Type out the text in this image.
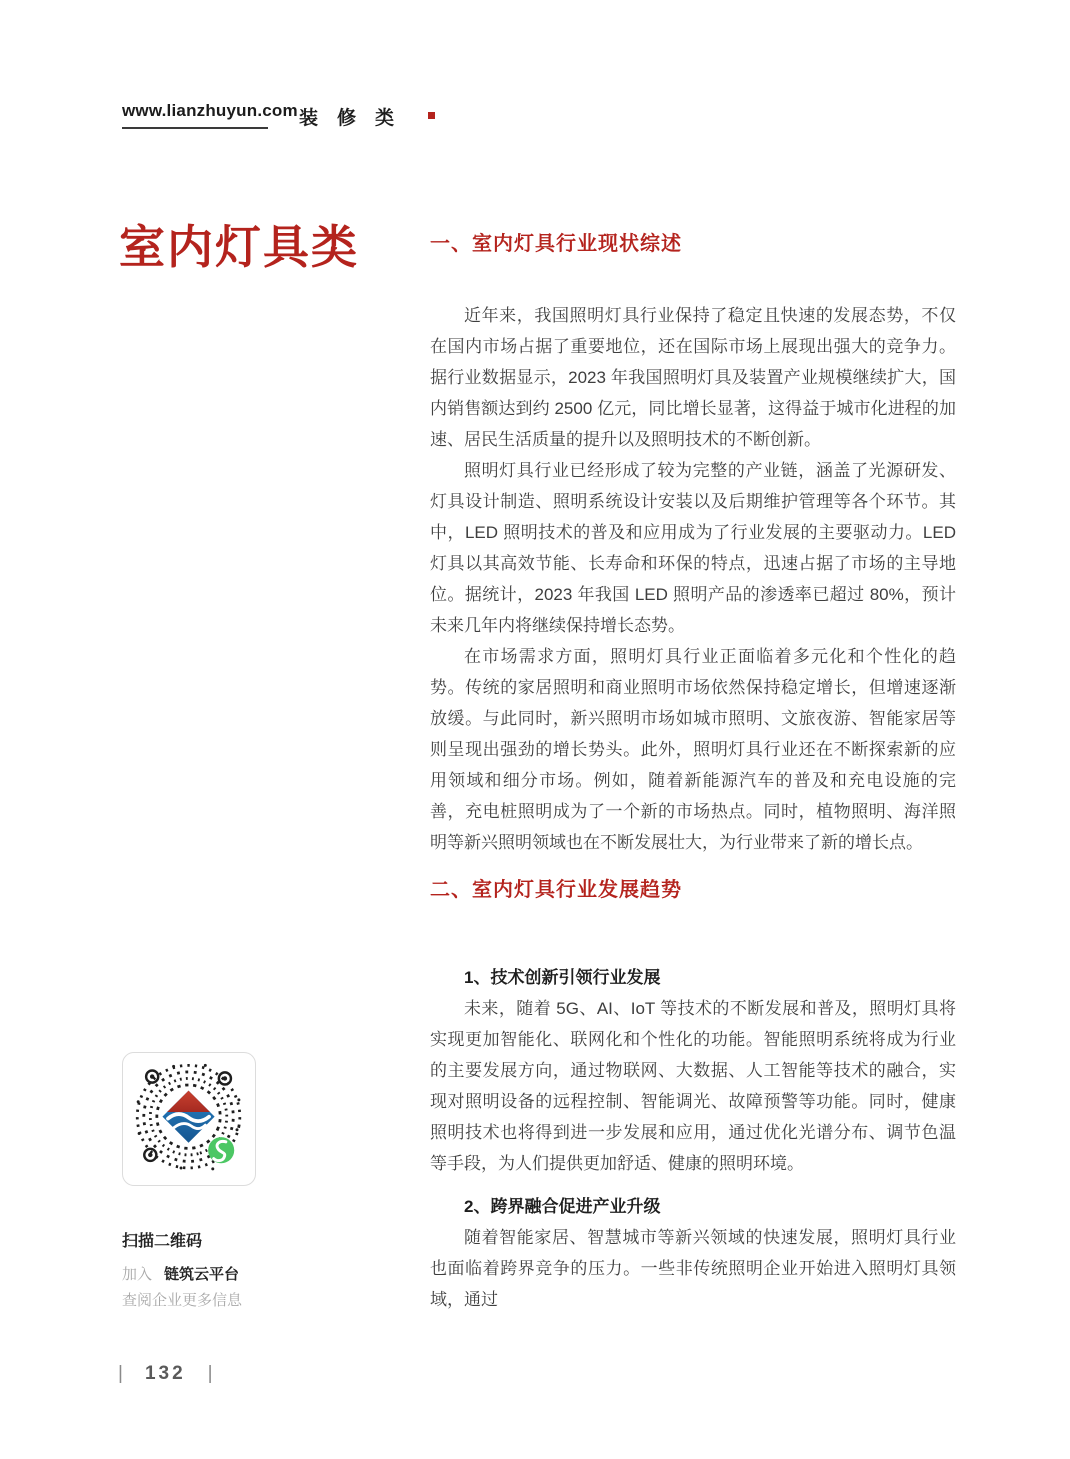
www.lianzhuyun.com 装修类
室内灯具类
扫描二维码
加入 链筑云平台
查阅企业更多信息
一、室内灯具行业现状综述

近年来，我国照明灯具行业保持了稳定且快速的发展态势，不仅在国内市场占据了重要地位，还在国际市场上展现出强大的竞争力。据行业数据显示，2023 年我国照明灯具及装置产业规模继续扩大，国内销售额达到约 2500 亿元，同比增长显著，这得益于城市化进程的加速、居民生活质量的提升以及照明技术的不断创新。

照明灯具行业已经形成了较为完整的产业链，涵盖了光源研发、灯具设计制造、照明系统设计安装以及后期维护管理等各个环节。其中，LED 照明技术的普及和应用成为了行业发展的主要驱动力。LED 灯具以其高效节能、长寿命和环保的特点，迅速占据了市场的主导地位。据统计，2023 年我国 LED 照明产品的渗透率已超过 80%，预计未来几年内将继续保持增长态势。

在市场需求方面，照明灯具行业正面临着多元化和个性化的趋势。传统的家居照明和商业照明市场依然保持稳定增长，但增速逐渐放缓。与此同时，新兴照明市场如城市照明、文旅夜游、智能家居等则呈现出强劲的增长势头。此外，照明灯具行业还在不断探索新的应用领域和细分市场。例如，随着新能源汽车的普及和充电设施的完善，充电桩照明成为了一个新的市场热点。同时，植物照明、海洋照明等新兴照明领域也在不断发展壮大，为行业带来了新的增长点。

二、室内灯具行业发展趋势

1、技术创新引领行业发展

未来，随着 5G、AI、IoT 等技术的不断发展和普及，照明灯具将实现更加智能化、联网化和个性化的功能。智能照明系统将成为行业的主要发展方向，通过物联网、大数据、人工智能等技术的融合，实现对照明设备的远程控制、智能调光、故障预警等功能。同时，健康照明技术也将得到进一步发展和应用，通过优化光谱分布、调节色温等手段，为人们提供更加舒适、健康的照明环境。

2、跨界融合促进产业升级

随着智能家居、智慧城市等新兴领域的快速发展，照明灯具行业也面临着跨界竞争的压力。一些非传统照明企业开始进入照明灯具领域，通过

| 132 |
